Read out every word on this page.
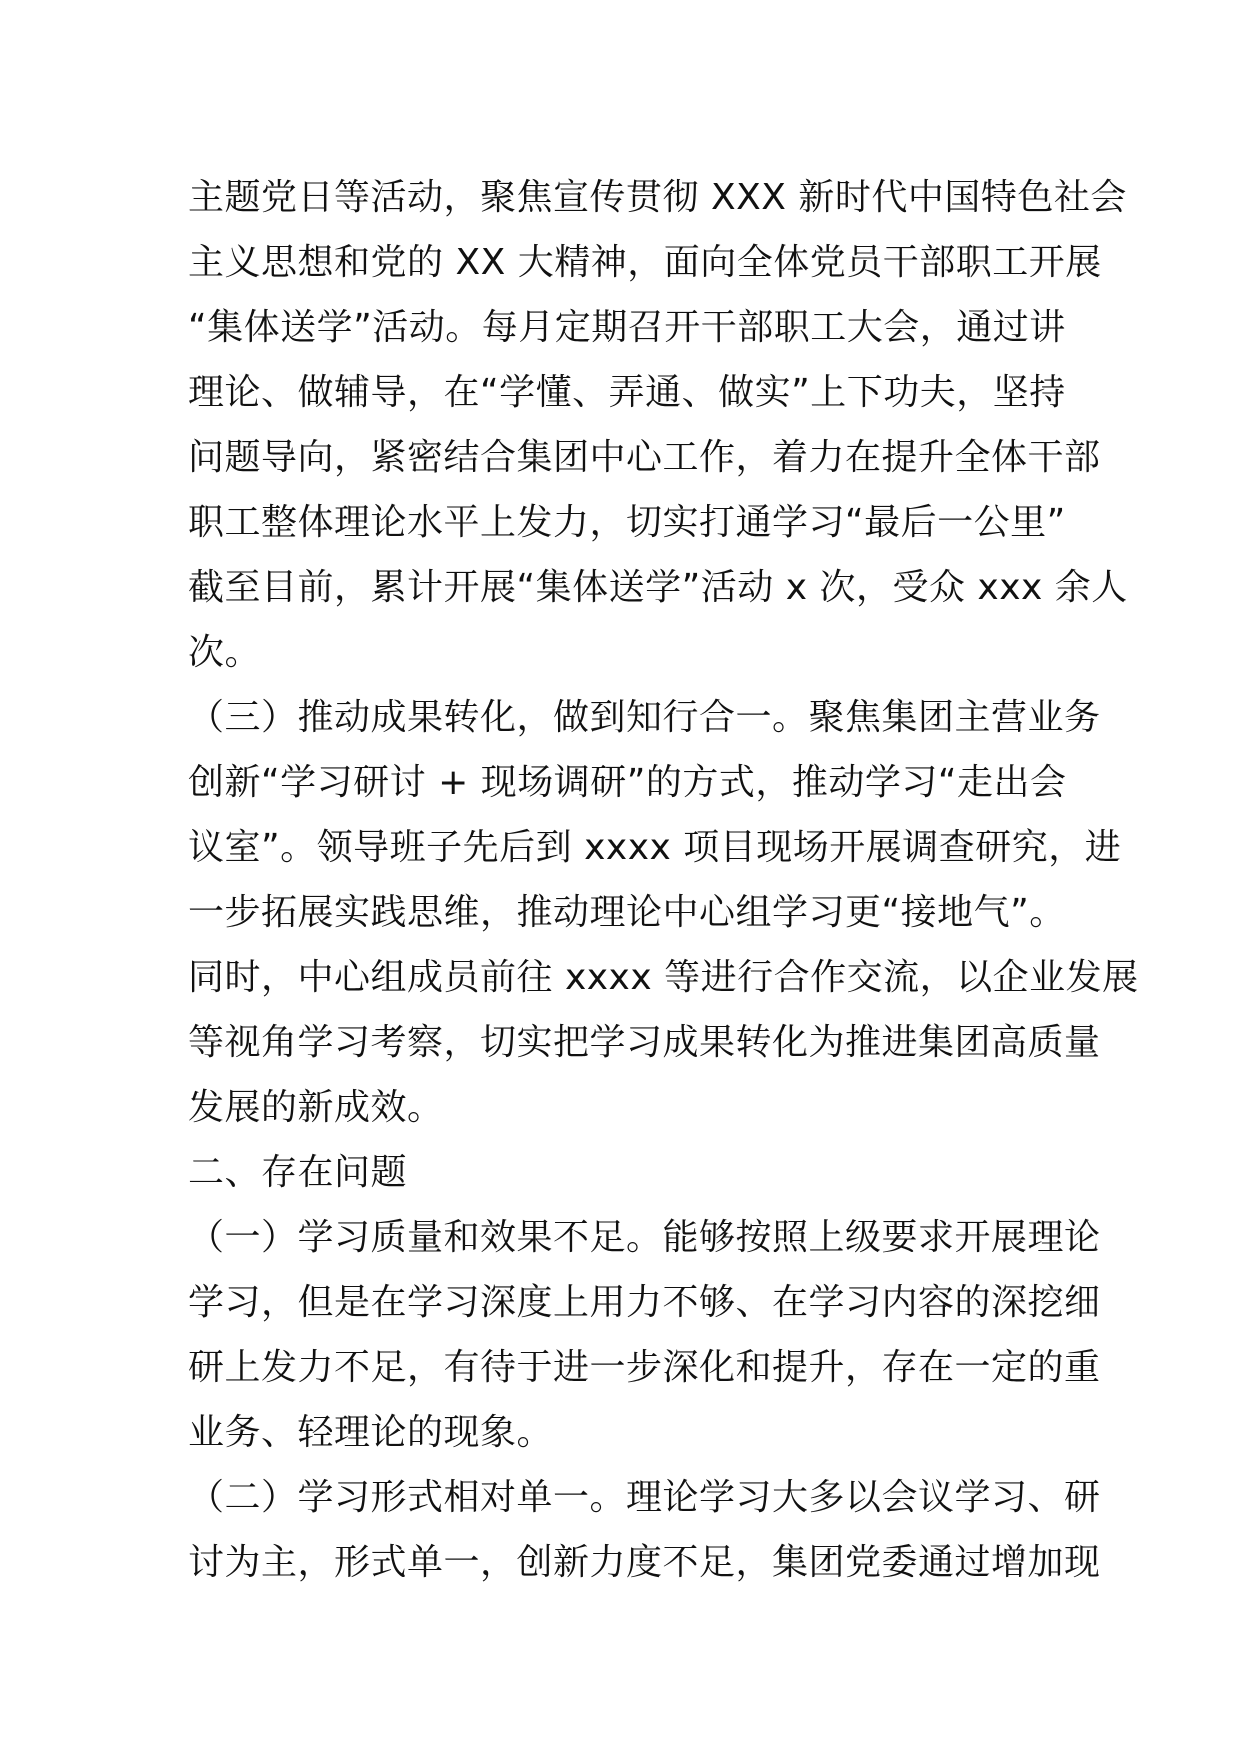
主题党日等活动，聚焦宣传贯彻 XXX 新时代中国特色社会
主义思想和党的 XX 大精神，面向全体党员干部职工开展
“集体送学”活动。每月定期召开干部职工大会，通过讲
理论、做辅导，在“学懂、弄通、做实”上下功夫，坚持
问题导向，紧密结合集团中心工作，着力在提升全体干部
职工整体理论水平上发力，切实打通学习“最后一公里”
截至目前，累计开展“集体送学”活动 x 次，受众 xxx 余人
次。
（三）推动成果转化，做到知行合一。聚焦集团主营业务
创新“学习研讨 + 现场调研”的方式，推动学习“走出会
议室”。领导班子先后到 xxxx 项目现场开展调查研究，进
一步拓展实践思维，推动理论中心组学习更“接地气”。
同时，中心组成员前往 xxxx 等进行合作交流，以企业发展
等视角学习考察，切实把学习成果转化为推进集团高质量
发展的新成效。
二、存在问题
（一）学习质量和效果不足。能够按照上级要求开展理论
学习，但是在学习深度上用力不够、在学习内容的深挖细
研上发力不足，有待于进一步深化和提升，存在一定的重
业务、轻理论的现象。
（二）学习形式相对单一。理论学习大多以会议学习、研
讨为主，形式单一，创新力度不足，集团党委通过增加现
